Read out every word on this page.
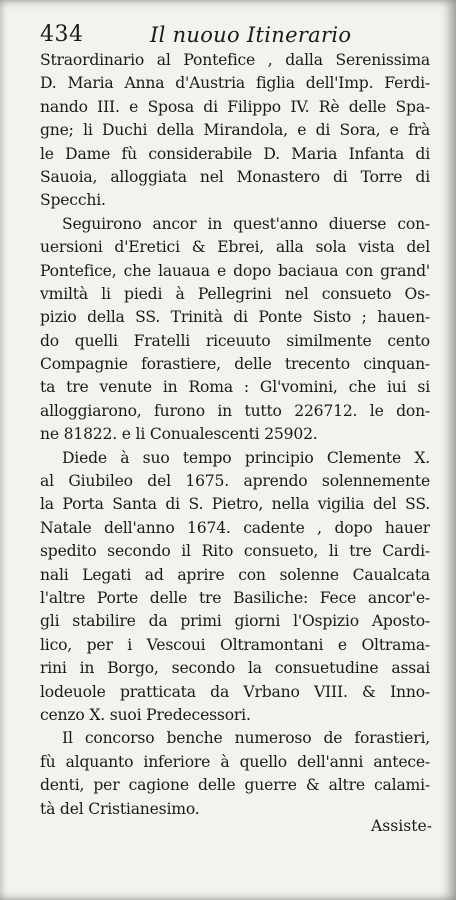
434	Il nuouo Itinerario
Straordinario al Pontefice , dalla Serenissima
D. Maria Anna d'Austria figlia dell'Imp. Ferdi-
nando III. e Sposa di Filippo IV. Rè delle Spa-
gne; li Duchi della Mirandola, e di Sora, e frà
le Dame fù considerabile D. Maria Infanta di
Sauoia, alloggiata nel Monastero di Torre di
Specchi.
Seguirono ancor in quest'anno diuerse con-
uersioni d'Eretici & Ebrei, alla sola vista del
Pontefice, che lauaua e dopo baciaua con grand'
vmiltà li piedi à Pellegrini nel consueto Os-
pizio della SS. Trinità di Ponte Sisto ; hauen-
do quelli Fratelli riceuuto similmente cento
Compagnie forastiere, delle trecento cinquan-
ta tre venute in Roma : Gl'vomini, che iui si
alloggiarono, furono in tutto 226712. le don-
ne 81822. e li Conualescenti 25902.
Diede à suo tempo principio Clemente X.
al Giubileo del 1675. aprendo solennemente
la Porta Santa di S. Pietro, nella vigilia del SS.
Natale dell'anno 1674. cadente , dopo hauer
spedito secondo il Rito consueto, li tre Cardi-
nali Legati ad aprire con solenne Caualcata
l'altre Porte delle tre Basiliche: Fece ancor'e-
gli stabilire da primi giorni l'Ospizio Aposto-
lico, per i Vescoui Oltramontani e Oltrama-
rini in Borgo, secondo la consuetudine assai
lodeuole pratticata da Vrbano VIII. & Inno-
cenzo X. suoi Predecessori.
Il concorso benche numeroso de forastieri,
fù alquanto inferiore à quello dell'anni antece-
denti, per cagione delle guerre & altre calami-
tà del Cristianesimo.
Assiste-
